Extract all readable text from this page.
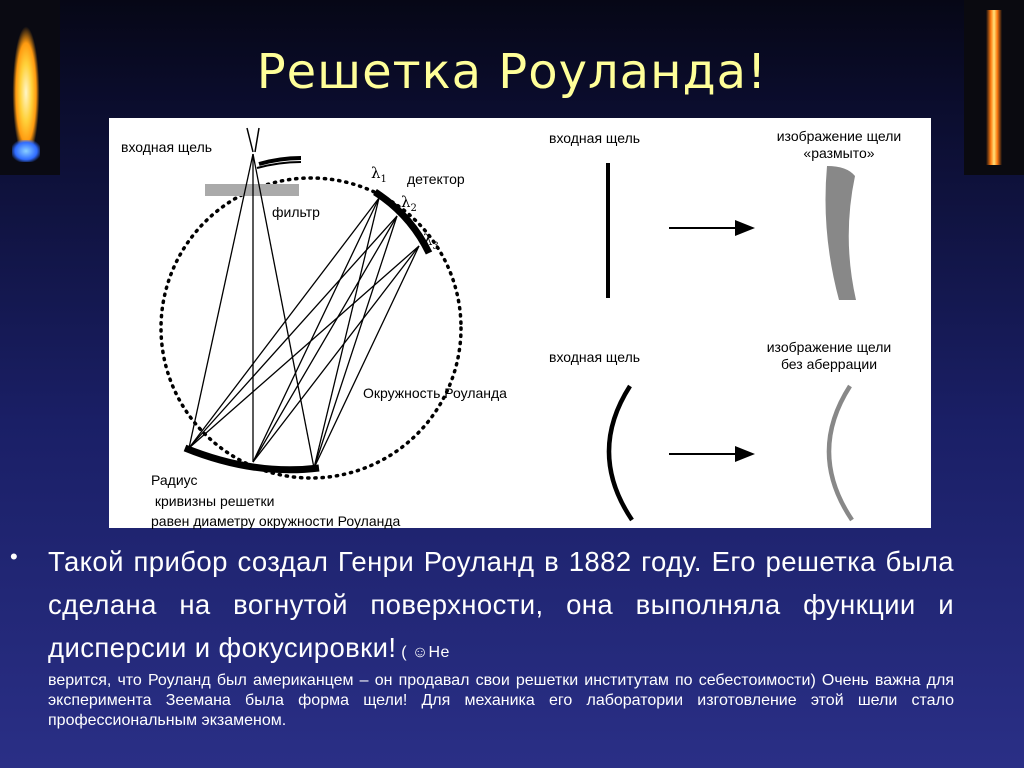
Решетка Роуланда!
входная щель
детектор
фильтр
Окружность Роуланда
Радиус
кривизны решетки
равен диаметру окружности Роуланда
$\lambda_1$
$\lambda_2$
$\lambda_3$
входная щель	изображение щели
«размыто»
входная щель
изображение щели
без аберрации
• Такой прибор создал Генри Роуланд в 1882 году. Его решетка была сделана на вогнутой поверхности, она выполняла функции и дисперсии и фокусировки! ( ☺Не
верится, что Роуланд был американцем – он продавал свои решетки институтам по себестоимости) Очень важна для эксперимента Зеемана была форма щели! Для механика его лаборатории изготовление этой шели стало профессиональным экзаменом.
